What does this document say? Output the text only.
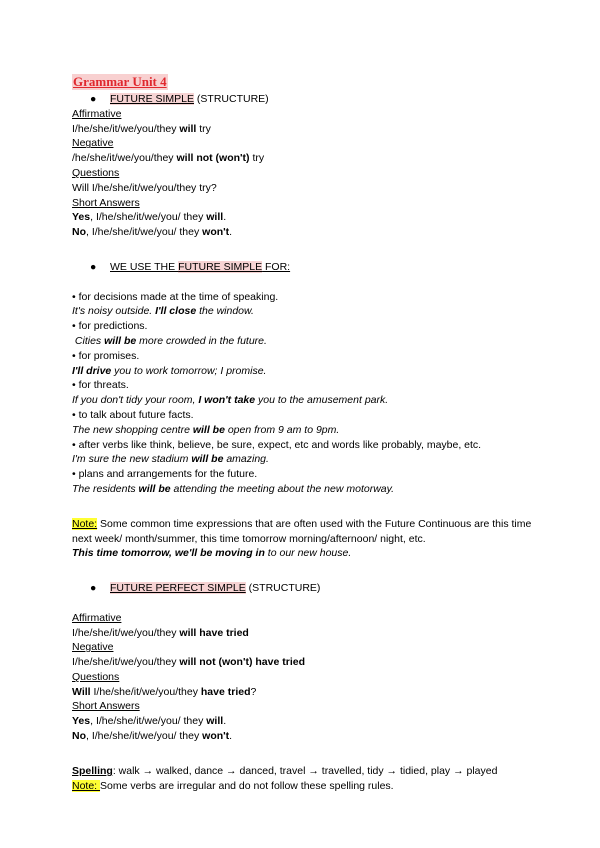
Grammar Unit 4
●	FUTURE SIMPLE (STRUCTURE)
Affirmative
I/he/she/it/we/you/they will try
Negative
/he/she/it/we/you/they will not (won't) try
Questions
Will I/he/she/it/we/you/they try?
Short Answers
Yes, I/he/she/it/we/you/ they will.
No, I/he/she/it/we/you/ they won't.
●	WE USE THE FUTURE SIMPLE FOR:
• for decisions made at the time of speaking.
It's noisy outside. I'll close the window.
• for predictions.
Cities will be more crowded in the future.
• for promises.
I'll drive you to work tomorrow; I promise.
• for threats.
If you don't tidy your room, I won't take you to the amusement park.
• to talk about future facts.
The new shopping centre will be open from 9 am to 9pm.
• after verbs like think, believe, be sure, expect, etc and words like probably, maybe, etc.
I'm sure the new stadium will be amazing.
• plans and arrangements for the future.
The residents will be attending the meeting about the new motorway.
Note: Some common time expressions that are often used with the Future Continuous are this time next week/ month/summer, this time tomorrow morning/afternoon/ night, etc.
This time tomorrow, we'll be moving in to our new house.
●	FUTURE PERFECT SIMPLE (STRUCTURE)
Affirmative
I/he/she/it/we/you/they will have tried
Negative
I/he/she/it/we/you/they will not (won't) have tried
Questions
Will I/he/she/it/we/you/they have tried?
Short Answers
Yes, I/he/she/it/we/you/ they will.
No, I/he/she/it/we/you/ they won't.
Spelling: walk → walked, dance → danced, travel → travelled, tidy → tidied, play → played
Note: Some verbs are irregular and do not follow these spelling rules.
